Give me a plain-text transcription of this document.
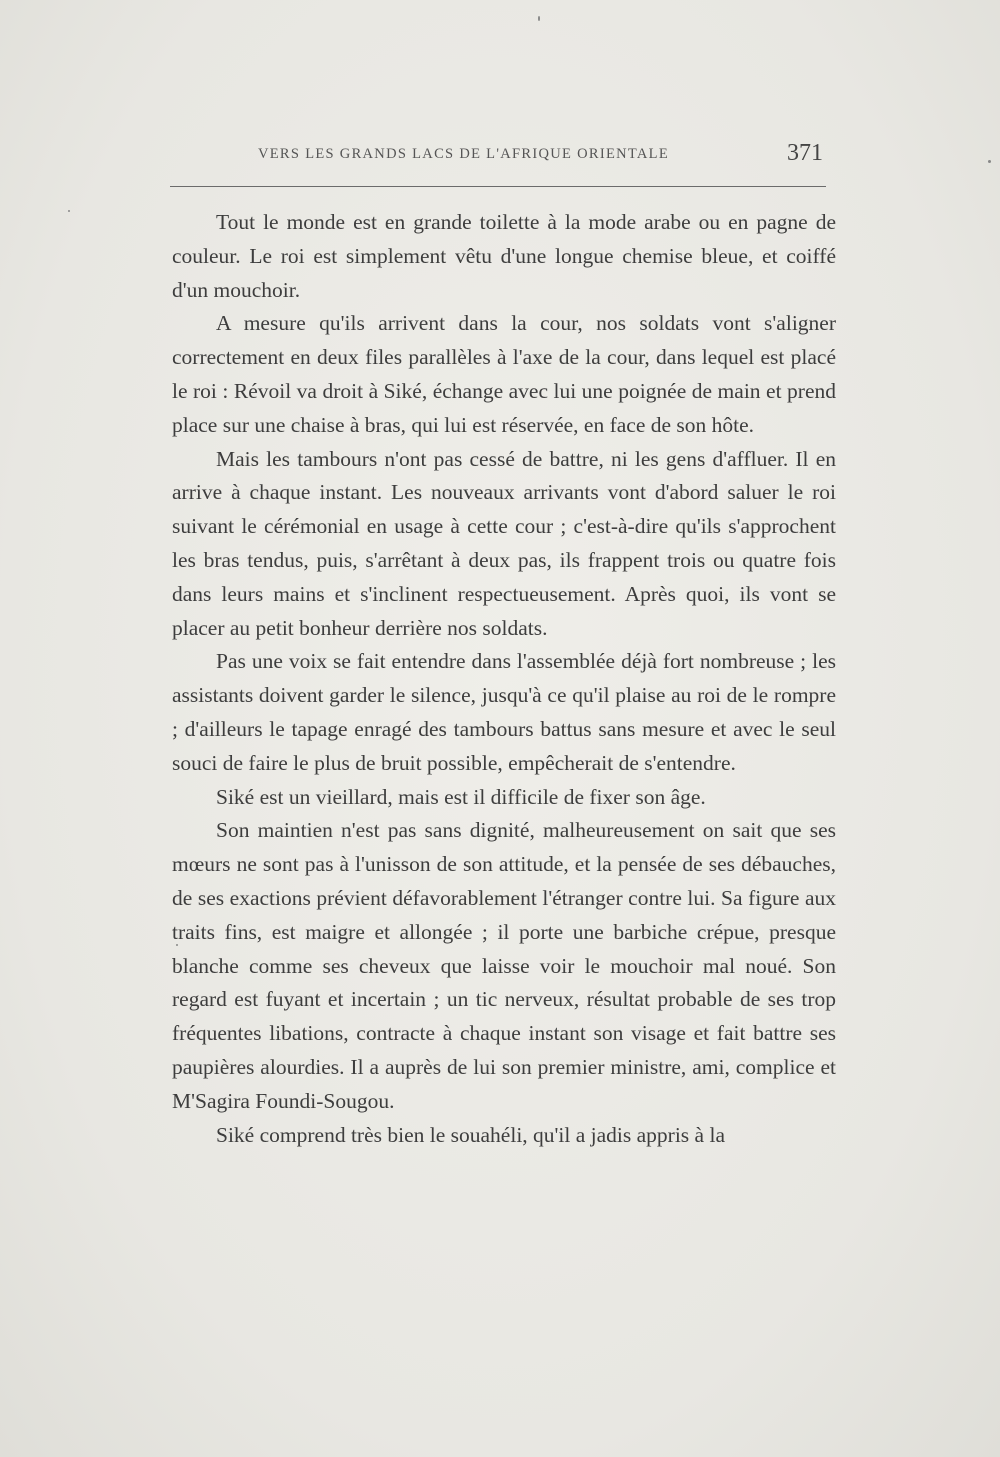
VERS LES GRANDS LACS DE L'AFRIQUE ORIENTALE	371

Tout le monde est en grande toilette à la mode arabe ou en pagne de couleur. Le roi est simplement vêtu d'une longue chemise bleue, et coiffé d'un mouchoir.

A mesure qu'ils arrivent dans la cour, nos soldats vont s'aligner correctement en deux files parallèles à l'axe de la cour, dans lequel est placé le roi : Révoil va droit à Siké, échange avec lui une poignée de main et prend place sur une chaise à bras, qui lui est réservée, en face de son hôte.

Mais les tambours n'ont pas cessé de battre, ni les gens d'affluer. Il en arrive à chaque instant. Les nouveaux arrivants vont d'abord saluer le roi suivant le cérémonial en usage à cette cour ; c'est-à-dire qu'ils s'approchent les bras tendus, puis, s'arrêtant à deux pas, ils frappent trois ou quatre fois dans leurs mains et s'inclinent respectueusement. Après quoi, ils vont se placer au petit bonheur derrière nos soldats.

Pas une voix se fait entendre dans l'assemblée déjà fort nombreuse ; les assistants doivent garder le silence, jusqu'à ce qu'il plaise au roi de le rompre ; d'ailleurs le tapage enragé des tambours battus sans mesure et avec le seul souci de faire le plus de bruit possible, empêcherait de s'entendre.

Siké est un vieillard, mais est il difficile de fixer son âge.

Son maintien n'est pas sans dignité, malheureusement on sait que ses mœurs ne sont pas à l'unisson de son attitude, et la pensée de ses débauches, de ses exactions prévient défavorablement l'étranger contre lui. Sa figure aux traits fins, est maigre et allongée ; il porte une barbiche crépue, presque blanche comme ses cheveux que laisse voir le mouchoir mal noué. Son regard est fuyant et incertain ; un tic nerveux, résultat probable de ses trop fréquentes libations, contracte à chaque instant son visage et fait battre ses paupières alourdies. Il a auprès de lui son premier ministre, ami, complice et M'Sagira Foundi-Sougou.

Siké comprend très bien le souahéli, qu'il a jadis appris à la
